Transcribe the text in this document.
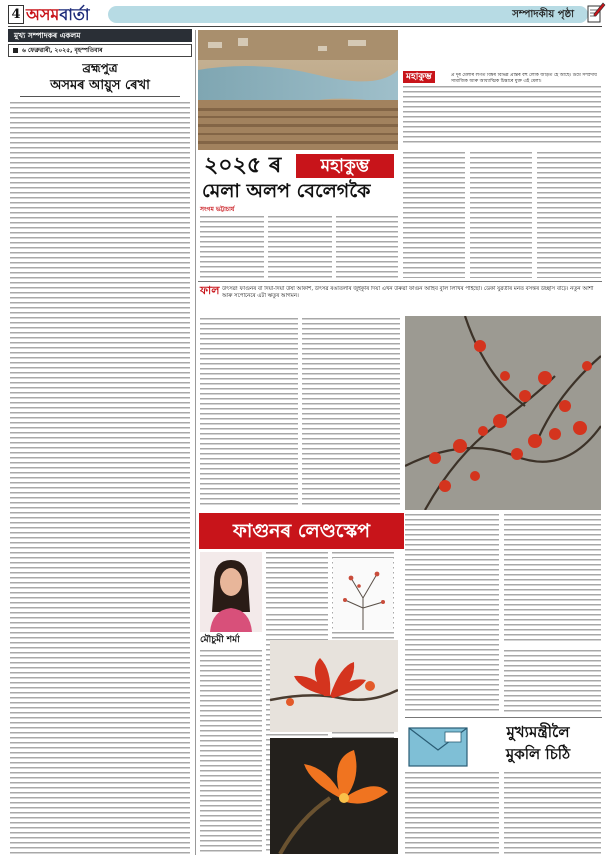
4 অসমবাৰ্তা	সম্পাদকীয় পৃষ্ঠা
মুখ্য সম্পাদকৰ একলম
৬ ফেব্ৰুৱাৰী, ২০২৫, বৃহস্পতিবাৰ
ব্ৰহ্মপুত্ৰ
অসমৰ আয়ুস ৰেখা
২০২৫ ৰ	মহাকুম্ভ
মেলা অলপ বেলেগকৈ
সংগম ভট্টাচাৰ্য
মহাকুম্ভ	প্ৰ দূৰ মেলাৰ লগত বিশ্বৰ বিভিন্ন প্ৰান্তৰ বহু লোক জড়িত হৈ আছে। উমৈ সম্প্ৰদায় সামাজিক আৰু আধ্যাত্মিক চিন্তাৰে যুক্ত এই মেলা।
ফাল উৎসৱ! ফাগুনৰ বা দিয়া-দিয়া উষা আকাশ, উৎসৱ ৰঙাতলাৰ জুইকুৰি দিয়া এখন উৰুৱা ফাগুন আহিব বুলি লিখিৰ পাইছো। ডেকা যুৱতীৰ মনত বসন্তৰ উচ্ছাস বাঢ়ে। নতুন আশা আৰু সপোনেৰে এটা ঋতুৰ আগমন।
ফাগুনৰ লেণ্ডস্কেপ
মৌচুমী শৰ্মা
মুখ্যমন্ত্ৰীলৈ
মুকলি চিঠি
